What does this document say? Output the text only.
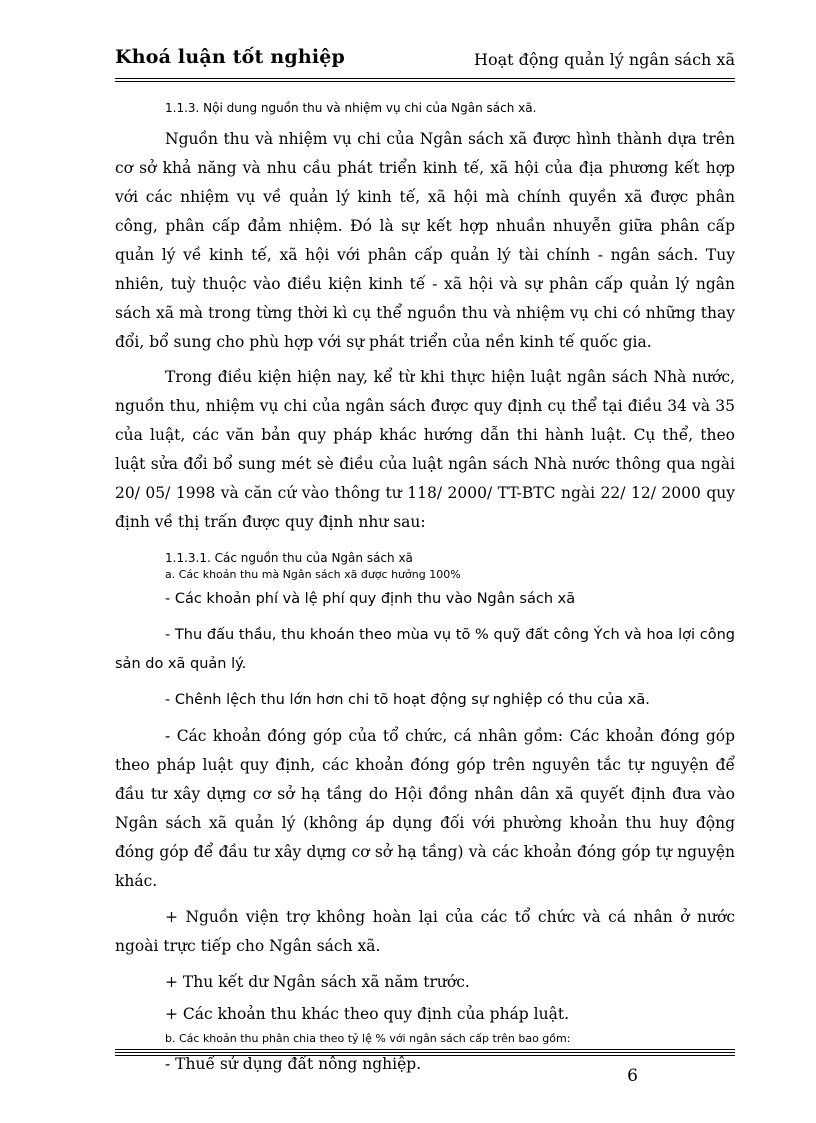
Khoá luận tốt nghiệp	Hoạt động quản lý ngân sách xã

1.1.3. Nội dung nguồn thu và nhiệm vụ chi của Ngân sách xã.

Nguồn thu và nhiệm vụ chi của Ngân sách xã được hình thành dựa trên cơ sở khả năng và nhu cầu phát triển kinh tế, xã hội của địa phương kết hợp với các nhiệm vụ về quản lý kinh tế, xã hội mà chính quyền xã được phân công, phân cấp đảm nhiệm. Đó là sự kết hợp nhuần nhuyễn giữa phân cấp quản lý về kinh tế, xã hội với phân cấp quản lý tài chính - ngân sách. Tuy nhiên, tuỳ thuộc vào điều kiện kinh tế - xã hội và sự phân cấp quản lý ngân sách xã mà trong từng thời kì cụ thể nguồn thu và nhiệm vụ chi có những thay đổi, bổ sung cho phù hợp với sự phát triển của nền kinh tế quốc gia.

Trong điều kiện hiện nay, kể từ khi thực hiện luật ngân sách Nhà nước, nguồn thu, nhiệm vụ chi của ngân sách được quy định cụ thể tại điều 34 và 35 của luật, các văn bản quy pháp khác hướng dẫn thi hành luật. Cụ thể, theo luật sửa đổi bổ sung mét sè điều của luật ngân sách Nhà nước thông qua ngài 20/ 05/ 1998 và căn cứ vào thông tư 118/ 2000/ TT-BTC ngài 22/ 12/ 2000 quy định về thị trấn được quy định như sau:

1.1.3.1. Các nguồn thu của Ngân sách xã

a. Các khoản thu mà Ngân sách xã được hưởng 100%

- Các khoản phí và lệ phí quy định thu vào Ngân sách xã

- Thu đấu thầu, thu khoán theo mùa vụ tõ % quỹ đất công Ých và hoa lợi công sản do xã quản lý.

- Chênh lệch thu lớn hơn chi tõ hoạt động sự nghiệp có thu của xã.

- Các khoản đóng góp của tổ chức, cá nhân gồm: Các khoản đóng góp theo pháp luật quy định, các khoản đóng góp trên nguyên tắc tự nguyện để đầu tư xây dựng cơ sở hạ tầng do Hội đồng nhân dân xã quyết định đưa vào Ngân sách xã quản lý (không áp dụng đối với phường khoản thu huy động đóng góp để đầu tư xây dựng cơ sở hạ tầng) và các khoản đóng góp tự nguyện khác.

+ Nguồn viện trợ không hoàn lại của các tổ chức và cá nhân ở nước ngoài trực tiếp cho Ngân sách xã.

+ Thu kết dư Ngân sách xã năm trước.

+ Các khoản thu khác theo quy định của pháp luật.

b. Các khoản thu phân chia theo tỷ lệ % với ngân sách cấp trên bao gồm:

- Thuế sử dụng đất nông nghiệp.

6
